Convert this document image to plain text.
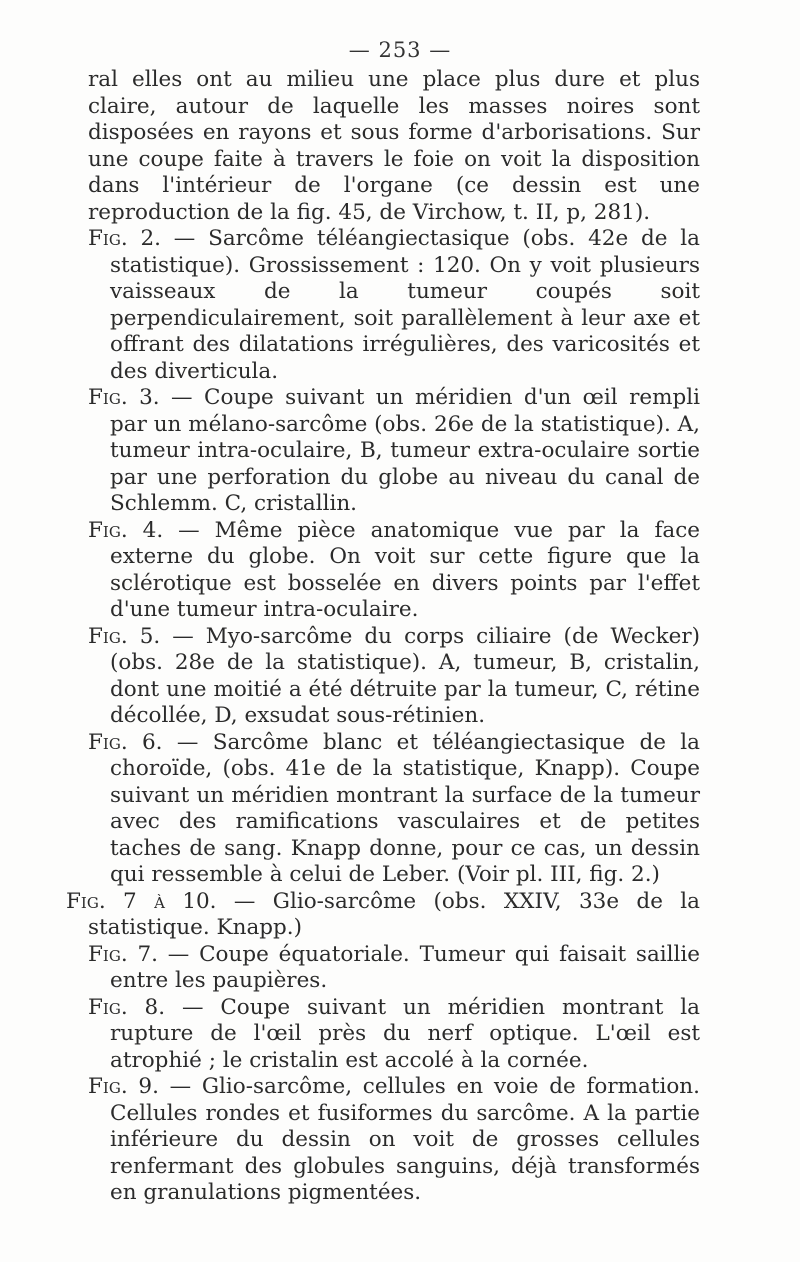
— 253 —

ral elles ont au milieu une place plus dure et plus claire, autour de laquelle les masses noires sont disposées en rayons et sous forme d'arborisations. Sur une coupe faite à travers le foie on voit la disposition dans l'intérieur de l'organe (ce dessin est une reproduction de la fig. 45, de Virchow, t. II, p, 281).

Fig. 2. — Sarcôme téléangiectasique (obs. 42e de la statistique). Grossissement : 120. On y voit plusieurs vaisseaux de la tumeur coupés soit perpendiculairement, soit parallèlement à leur axe et offrant des dilatations irrégulières, des varicosités et des diverticula.

Fig. 3. — Coupe suivant un méridien d'un œil rempli par un mélano-sarcôme (obs. 26e de la statistique). A, tumeur intra-oculaire, B, tumeur extra-oculaire sortie par une perforation du globe au niveau du canal de Schlemm. C, cristallin.

Fig. 4. — Même pièce anatomique vue par la face externe du globe. On voit sur cette figure que la sclérotique est bosselée en divers points par l'effet d'une tumeur intra-oculaire.

Fig. 5. — Myo-sarcôme du corps ciliaire (de Wecker) (obs. 28e de la statistique). A, tumeur, B, cristalin, dont une moitié a été détruite par la tumeur, C, rétine décollée, D, exsudat sous-rétinien.

Fig. 6. — Sarcôme blanc et téléangiectasique de la choroïde, (obs. 41e de la statistique, Knapp). Coupe suivant un méridien montrant la surface de la tumeur avec des ramifications vasculaires et de petites taches de sang. Knapp donne, pour ce cas, un dessin qui ressemble à celui de Leber. (Voir pl. III, fig. 2.)

Fig. 7 à 10. — Glio-sarcôme (obs. XXIV, 33e de la statistique. Knapp.)

Fig. 7. — Coupe équatoriale. Tumeur qui faisait saillie entre les paupières.

Fig. 8. — Coupe suivant un méridien montrant la rupture de l'œil près du nerf optique. L'œil est atrophié ; le cristalin est accolé à la cornée.

Fig. 9. — Glio-sarcôme, cellules en voie de formation. Cellules rondes et fusiformes du sarcôme. A la partie inférieure du dessin on voit de grosses cellules renfermant des globules sanguins, déjà transformés en granulations pigmentées.
